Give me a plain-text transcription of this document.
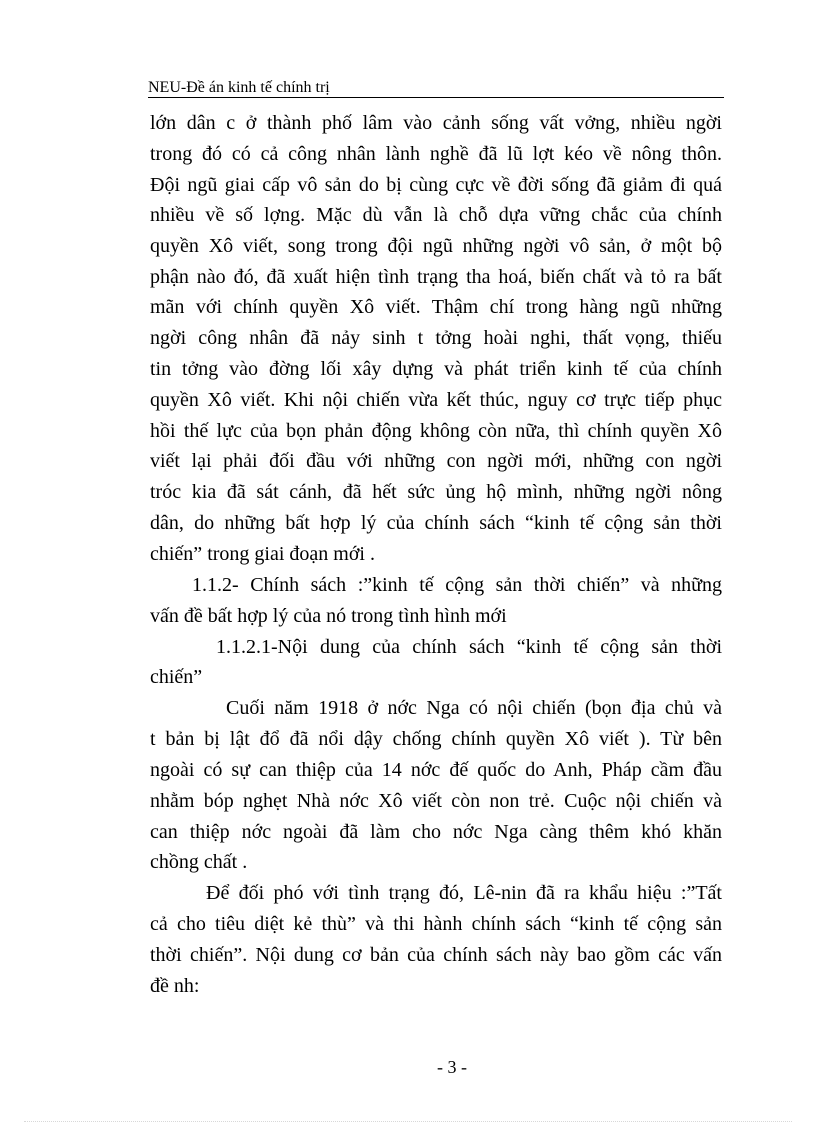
NEU-Đề án kinh tế chính trị
lớn dân c ở thành phố lâm vào cảnh sống vất vởng, nhiều ngời
trong đó có cả công nhân lành nghề đã lũ lợt kéo về nông thôn.
Đội ngũ giai cấp vô sản do bị cùng cực về đời sống đã giảm đi quá
nhiều về số lợng. Mặc dù vẫn là chỗ dựa vững chắc của chính
quyền Xô viết, song trong đội ngũ những ngời vô sản, ở một bộ
phận nào đó, đã xuất hiện tình trạng tha hoá, biến chất và tỏ ra bất
mãn với chính quyền Xô viết. Thậm chí trong hàng ngũ những
ngời công nhân đã nảy sinh t tởng hoài nghi, thất vọng, thiếu
tin tởng vào đờng lối xây dựng và phát triển kinh tế của chính
quyền Xô viết. Khi nội chiến vừa kết thúc, nguy cơ trực tiếp phục
hồi thế lực của bọn phản động không còn nữa, thì chính quyền Xô
viết lại phải đối đầu với những con ngời mới, những con ngời
tróc kia đã sát cánh, đã hết sức ủng hộ mình, những ngời nông
dân, do những bất hợp lý của chính sách “kinh tế cộng sản thời
chiến” trong giai đoạn mới .
1.1.2- Chính sách :”kinh tế cộng sản thời chiến” và những
vấn đề bất hợp lý của nó trong tình hình mới
1.1.2.1-Nội dung của chính sách “kinh tế cộng sản thời
chiến”
Cuối năm 1918 ở nớc Nga có nội chiến (bọn địa chủ và
t bản bị lật đổ đã nổi dậy chống chính quyền Xô viết ). Từ bên
ngoài có sự can thiệp của 14 nớc đế quốc do Anh, Pháp cầm đầu
nhằm bóp nghẹt Nhà nớc Xô viết còn non trẻ. Cuộc nội chiến và
can thiệp nớc ngoài đã làm cho nớc Nga càng thêm khó khăn
chồng chất .
Để đối phó với tình trạng đó, Lê-nin đã ra khẩu hiệu :”Tất
cả cho tiêu diệt kẻ thù” và thi hành chính sách “kinh tế cộng sản
thời chiến”. Nội dung cơ bản của chính sách này bao gồm các vấn
đề nh:
- 3 -
